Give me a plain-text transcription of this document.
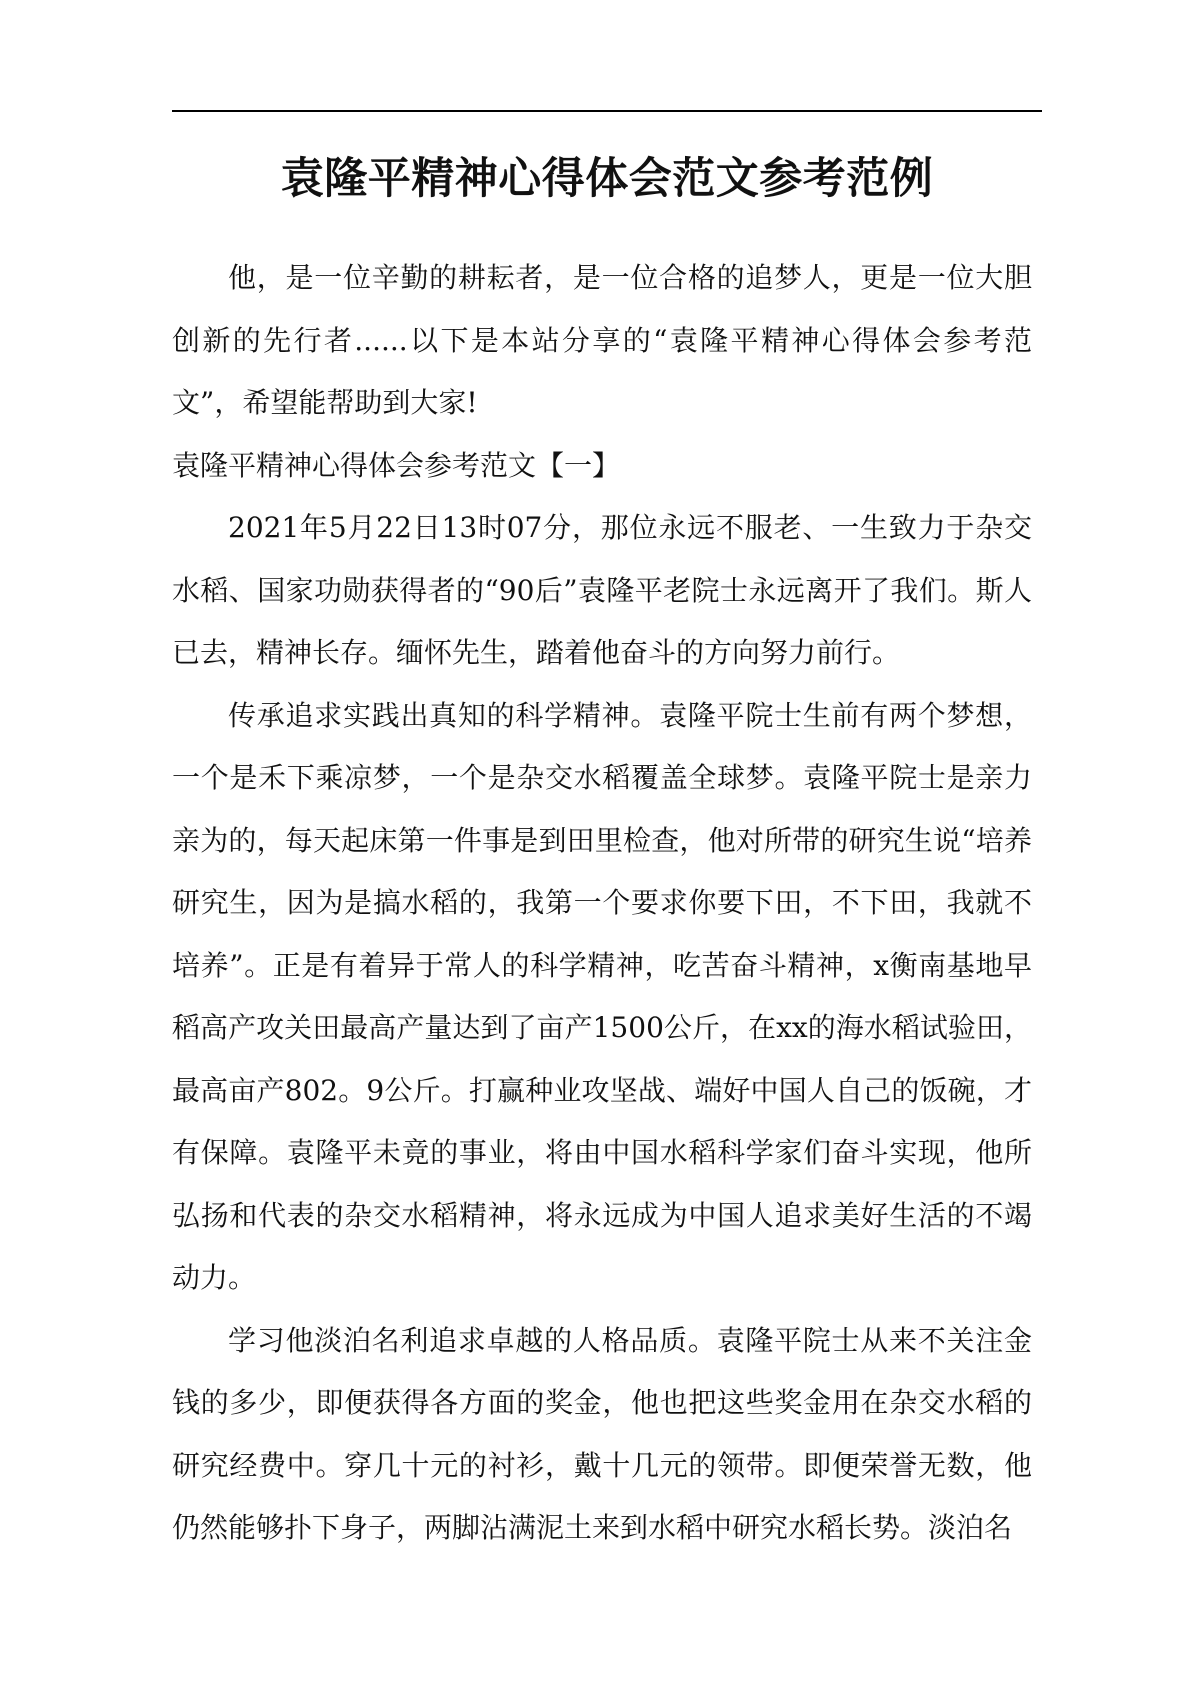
袁隆平精神心得体会范文参考范例

他，是一位辛勤的耕耘者，是一位合格的追梦人，更是一位大胆创新的先行者......以下是本站分享的“袁隆平精神心得体会参考范文”，希望能帮助到大家!

袁隆平精神心得体会参考范文【一】

2021年5月22日13时07分，那位永远不服老、一生致力于杂交水稻、国家功勋获得者的“90后”袁隆平老院士永远离开了我们。斯人已去，精神长存。缅怀先生，踏着他奋斗的方向努力前行。

传承追求实践出真知的科学精神。袁隆平院士生前有两个梦想，一个是禾下乘凉梦，一个是杂交水稻覆盖全球梦。袁隆平院士是亲力亲为的，每天起床第一件事是到田里检查，他对所带的研究生说“培养研究生，因为是搞水稻的，我第一个要求你要下田，不下田，我就不培养”。正是有着异于常人的科学精神，吃苦奋斗精神，x衡南基地早稻高产攻关田最高产量达到了亩产1500公斤，在xx的海水稻试验田，最高亩产802。9公斤。打赢种业攻坚战、端好中国人自己的饭碗，才有保障。袁隆平未竟的事业，将由中国水稻科学家们奋斗实现，他所弘扬和代表的杂交水稻精神，将永远成为中国人追求美好生活的不竭动力。

学习他淡泊名利追求卓越的人格品质。袁隆平院士从来不关注金钱的多少，即便获得各方面的奖金，他也把这些奖金用在杂交水稻的研究经费中。穿几十元的衬衫，戴十几元的领带。即便荣誉无数，他仍然能够扑下身子，两脚沾满泥土来到水稻中研究水稻长势。淡泊名
